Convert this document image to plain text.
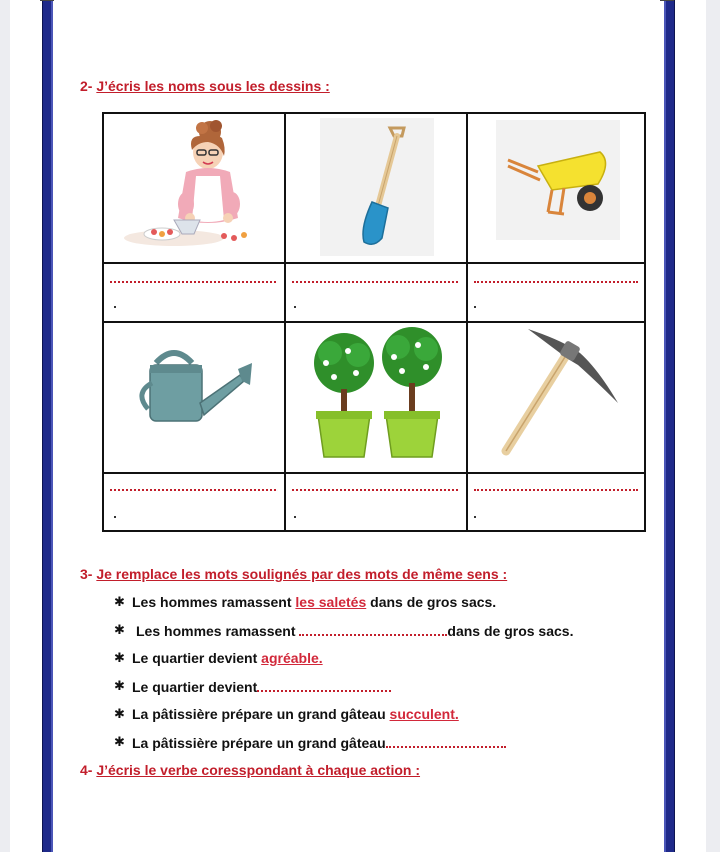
2- J’écris les noms sous les dessins :
3- Je remplace les mots soulignés par des mots de même sens :
✱ Les hommes ramassent les saletés dans de gros sacs.
✱ Les hommes ramassent	dans de gros sacs.
✱ Le quartier devient agréable.
✱ Le quartier devient
✱ La pâtissière prépare un grand gâteau succulent.
✱ La pâtissière prépare un grand gâteau
4- J’écris le verbe coresspondant à chaque action :
